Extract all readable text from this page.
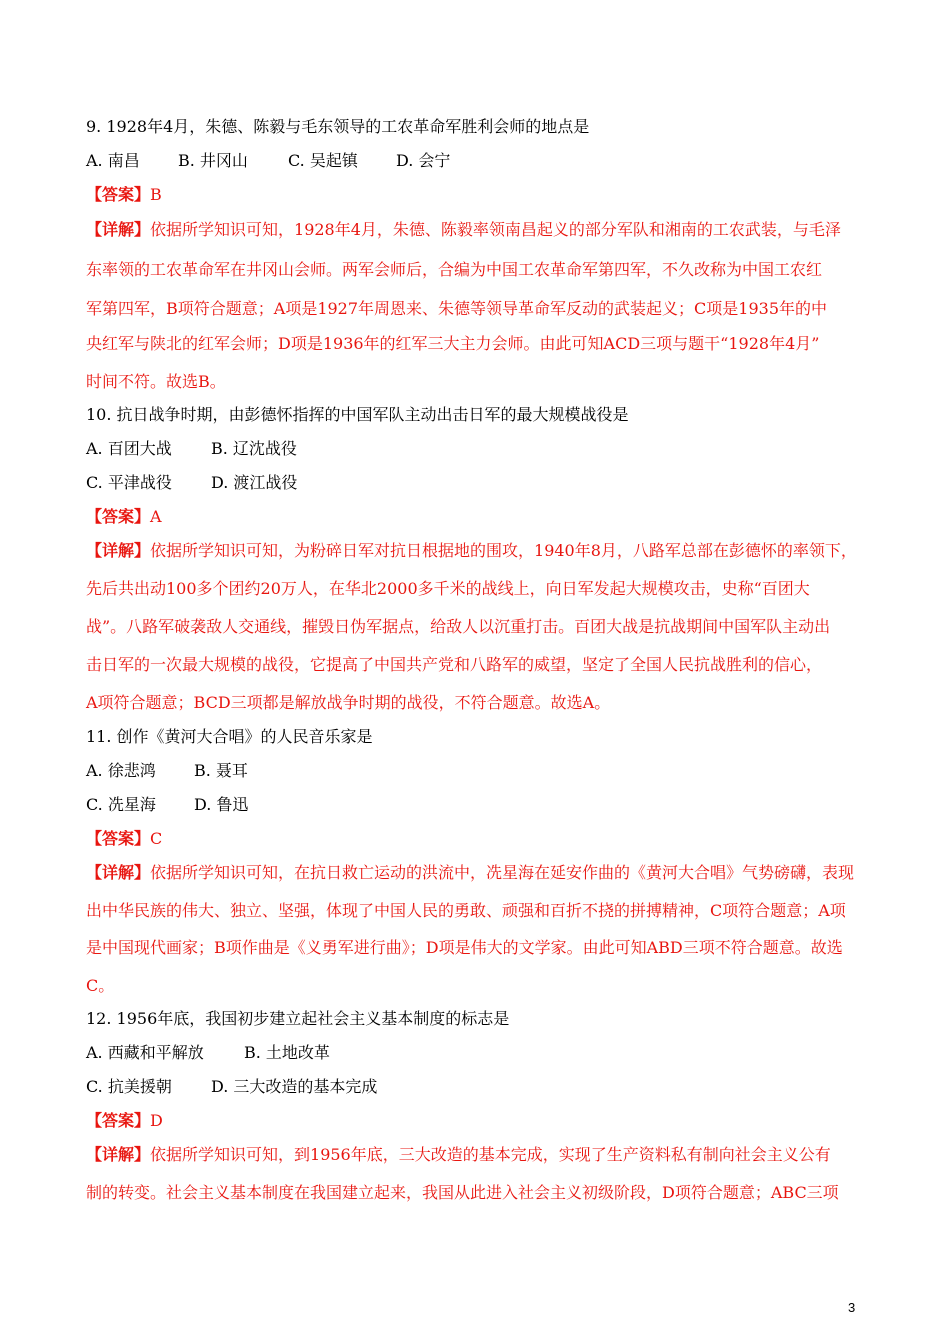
9. 1928年4月，朱德、陈毅与毛东领导的工农革命军胜利会师的地点是
A. 南昌 B. 井冈山	C. 吴起镇 D. 会宁
【答案】B
【详解】依据所学知识可知，1928年4月，朱德、陈毅率领南昌起义的部分军队和湘南的工农武装，与毛泽
东率领的工农革命军在井冈山会师。两军会师后，合编为中国工农革命军第四军，不久改称为中国工农红
军第四军，B项符合题意；A项是1927年周恩来、朱德等领导革命军反动的武装起义；C项是1935年的中
央红军与陕北的红军会师；D项是1936年的红军三大主力会师。由此可知ACD三项与题干“1928年4月”
时间不符。故选B。
10. 抗日战争时期，由彭德怀指挥的中国军队主动出击日军的最大规模战役是
A. 百团大战 B. 辽沈战役
C. 平津战役 D. 渡江战役
【答案】A
【详解】依据所学知识可知，为粉碎日军对抗日根据地的围攻，1940年8月，八路军总部在彭德怀的率领下，
先后共出动100多个团约20万人，在华北2000多千米的战线上，向日军发起大规模攻击，史称“百团大
战”。八路军破袭敌人交通线，摧毁日伪军据点，给敌人以沉重打击。百团大战是抗战期间中国军队主动出
击日军的一次最大规模的战役，它提高了中国共产党和八路军的威望，坚定了全国人民抗战胜利的信心，
A项符合题意；BCD三项都是解放战争时期的战役，不符合题意。故选A。
11. 创作《黄河大合唱》的人民音乐家是
A. 徐悲鸿 B. 聂耳
C. 冼星海 D. 鲁迅
【答案】C
【详解】依据所学知识可知，在抗日救亡运动的洪流中，冼星海在延安作曲的《黄河大合唱》气势磅礴，表现
出中华民族的伟大、独立、坚强，体现了中国人民的勇敢、顽强和百折不挠的拼搏精神，C项符合题意；A项
是中国现代画家；B项作曲是《义勇军进行曲》；D项是伟大的文学家。由此可知ABD三项不符合题意。故选
C。
12. 1956年底，我国初步建立起社会主义基本制度的标志是
A. 西藏和平解放	B. 土地改革
C. 抗美援朝 D. 三大改造的基本完成
【答案】D
【详解】依据所学知识可知，到1956年底，三大改造的基本完成，实现了生产资料私有制向社会主义公有
制的转变。社会主义基本制度在我国建立起来，我国从此进入社会主义初级阶段，D项符合题意；ABC三项
3
